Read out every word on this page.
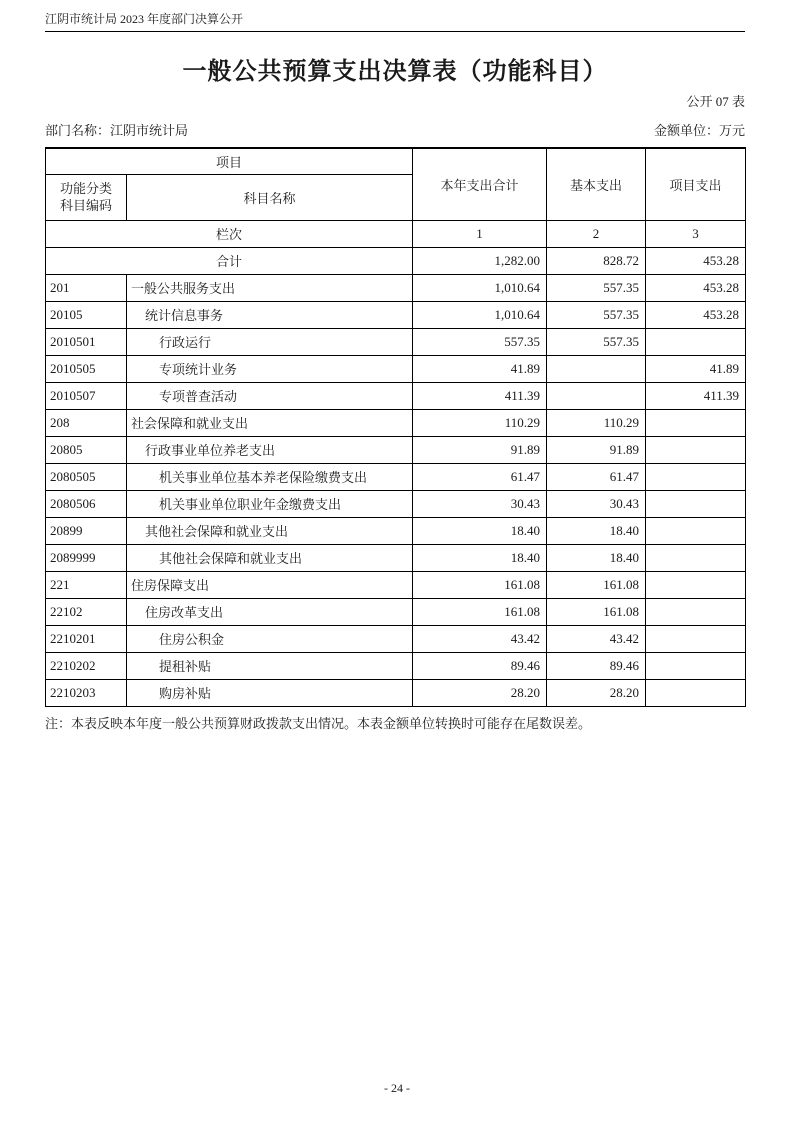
江阴市统计局 2023 年度部门决算公开
一般公共预算支出决算表（功能科目）
公开 07 表
部门名称：江阴市统计局	金额单位：万元
项目		本年支出合计	基本支出	项目支出

功能分类
科目编码	科目名称			
栏次		1	2	3
合计		1,282.00	828.72	453.28
201	一般公共服务支出	1,010.64	557.35	453.28
20105	统计信息事务	1,010.64	557.35	453.28
2010501	行政运行	557.35	557.35	
2010505	专项统计业务	41.89		41.89
2010507	专项普查活动	411.39		411.39
208	社会保障和就业支出	110.29	110.29	
20805	行政事业单位养老支出	91.89	91.89	
2080505	机关事业单位基本养老保险缴费支出	61.47	61.47	
2080506	机关事业单位职业年金缴费支出	30.43	30.43	
20899	其他社会保障和就业支出	18.40	18.40	
2089999	其他社会保障和就业支出	18.40	18.40	
221	住房保障支出	161.08	161.08	
22102	住房改革支出	161.08	161.08	
2210201	住房公积金	43.42	43.42	
2210202	提租补贴	89.46	89.46	
2210203	购房补贴	28.20	28.20	

注：本表反映本年度一般公共预算财政拨款支出情况。本表金额单位转换时可能存在尾数误差。

- 24 -
